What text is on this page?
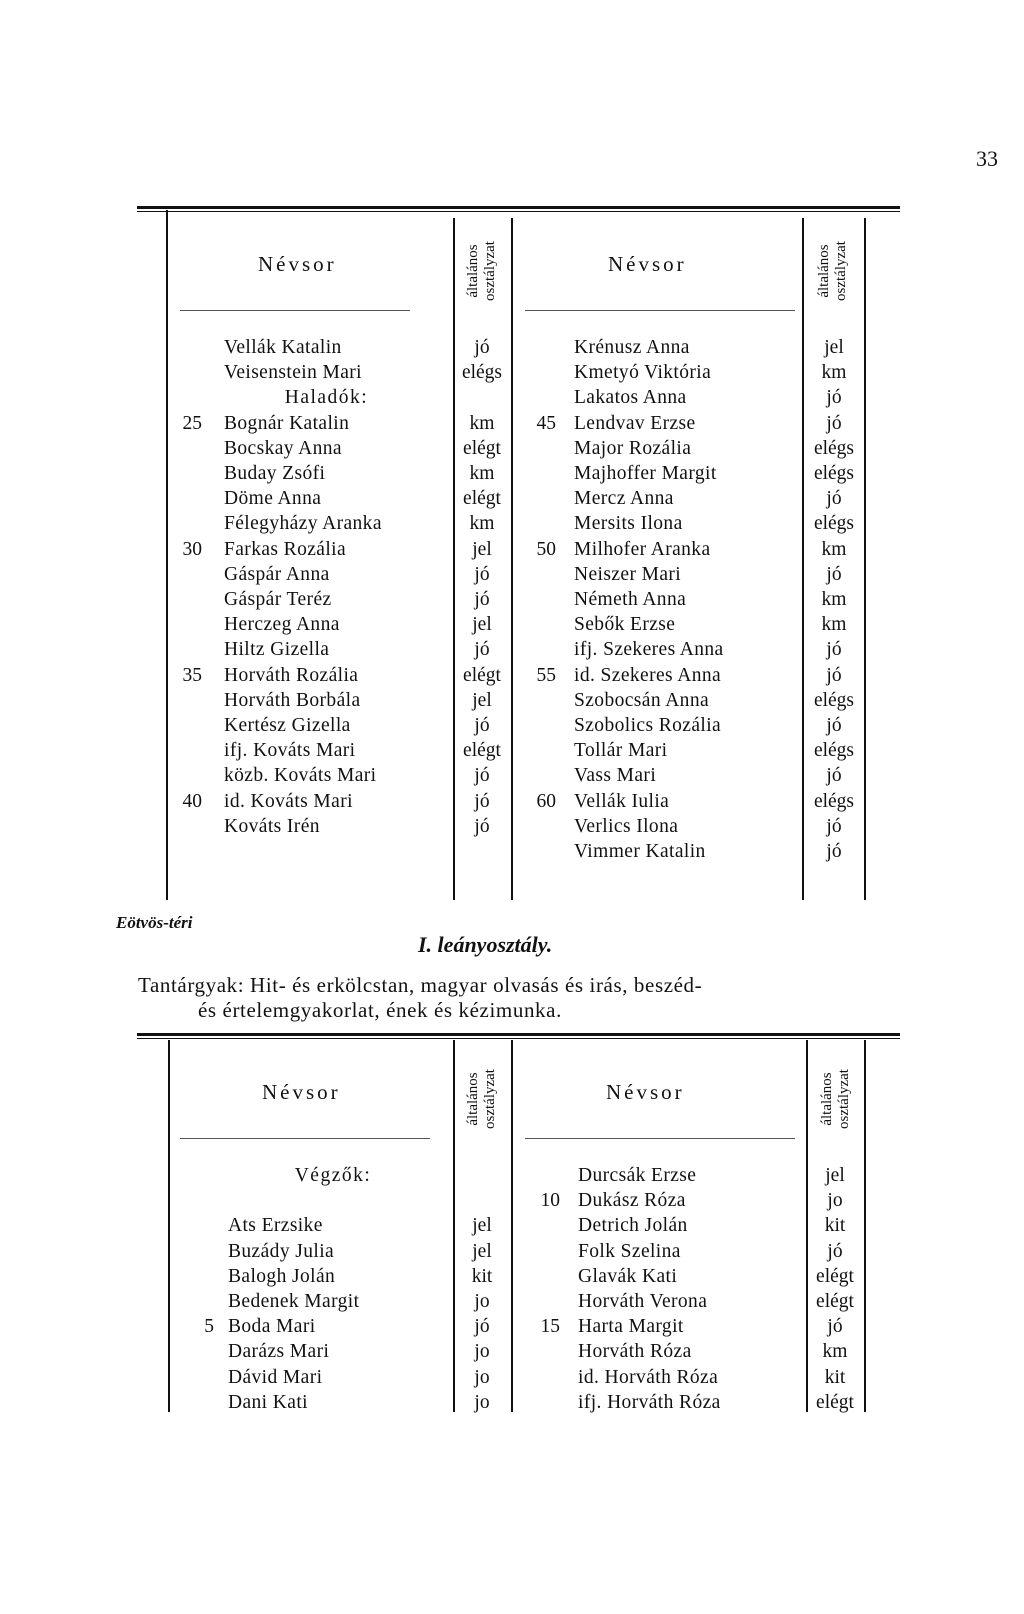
33
Névsor	általános osztályzat	Névsor	általános osztályzat
Vellák Katalin	jó
Veisenstein Mari	elégs
Haladók:
25 Bognár Katalin	km
Bocskay Anna	elégt
Buday Zsófi	km
Döme Anna	elégt
Félegyházy Aranka	km
30 Farkas Rozália	jel
Gáspár Anna	jó
Gáspár Teréz	jó
Herczeg Anna	jel
Hiltz Gizella	jó
35 Horváth Rozália	elégt
Horváth Borbála	jel
Kertész Gizella	jó
ifj. Kováts Mari	elégt
közb. Kováts Mari	jó
40 id. Kováts Mari	jó
Kováts Irén	jó
Krénusz Anna	jel
Kmetyó Viktória	km
Lakatos Anna	jó
45 Lendvav Erzse	jó
Major Rozália	elégs
Majhoffer Margit	elégs
Mercz Anna	jó
Mersits Ilona	elégs
50 Milhofer Aranka	km
Neiszer Mari	jó
Németh Anna	km
Sebők Erzse	km
ifj. Szekeres Anna	jó
55 id. Szekeres Anna	jó
Szobocsán Anna	elégs
Szobolics Rozália	jó
Tollár Mari	elégs
Vass Mari	jó
60 Vellák Iulia	elégs
Verlics Ilona	jó
Vimmer Katalin	jó
Eötvös-téri
I. leányosztály.
Tantárgyak: Hit- és erkölcstan, magyar olvasás és irás, beszéd-
és értelemgyakorlat, ének és kézimunka.
Névsor	általános osztályzat	Névsor	általános osztályzat
Végzők:
Ats Erzsike	jel
Buzády Julia	jel
Balogh Jolán	kit
Bedenek Margit	jo
5 Boda Mari	jó
Darázs Mari	jo
Dávid Mari	jo
Dani Kati	jo
Durcsák Erzse	jel
10 Dukász Róza	jo
Detrich Jolán	kit
Folk Szelina	jó
Glavák Kati	elégt
Horváth Verona	elégt
15 Harta Margit	jó
Horváth Róza	km
id. Horváth Róza	kit
ifj. Horváth Róza	elégt
